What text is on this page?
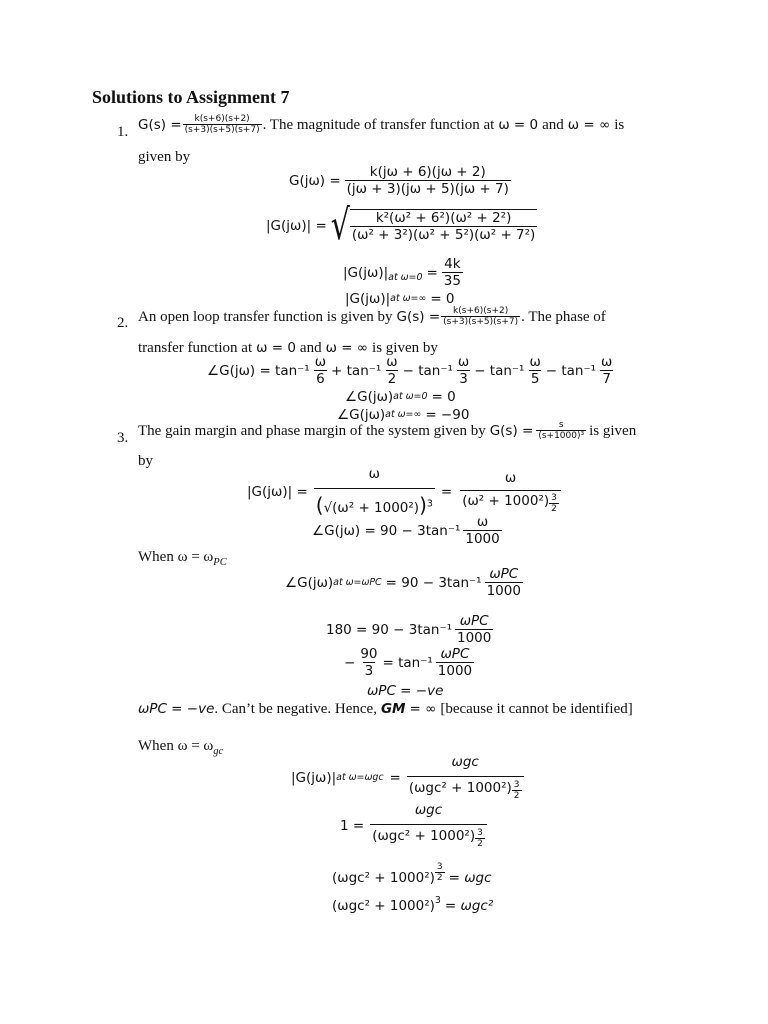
Solutions to Assignment 7
1. $G(s) = \frac{k(s+6)(s+2)}{(s+3)(s+5)(s+7)}$ . The magnitude of transfer function at ω = 0 and ω = ∞ is
given by
$G(j\omega) = \frac{k(j\omega + 6)(j\omega + 2)}{(j\omega + 3)(j\omega + 5)(j\omega + 7)}$
|G(jω)| = √ $\frac{\text{k²(ω² + 6²)(ω² + 2²)}}{\text{(ω² + 3²)(ω² + 5²)(ω² + 7²)}}$
|G(jω)| at $\omega=0 = \frac{4k}{35}$
|G(jω)| at ω=∞ = 0
2. An open loop transfer function is given by $G(s) = \frac{k(s+6)(s+2)}{(s+3)(s+5)(s+7)}$ . The phase of
transfer function at ω = 0 and ω = ∞ is given by
∠G(jω) = $\tan^{-1} \frac{\omega}{6} + \tan^{-1} \frac{\omega}{2} - \tan^{-1} \frac{\omega}{3} - \tan^{-1} \frac{\omega}{5} - \tan^{-1} \frac{\omega}{7}$
∠G(jω) at ω=0 = 0
∠G(jω) at ω=∞ = −90
3. The gain margin and phase margin of the system given by $G(s) = \frac{s}{\text{(s+1000)³}}$ is given
by
$|G(j\omega)| = \frac{\omega}{(√(\omega^2 + 1000^2))^3} = \frac{\omega}{(\omega^2 + 1000^2) \frac{3}{2}}$
∠G(jω) = $90 - 3\tan^{-1} \frac{\omega}{1000}$
When $\omega = \omega_{PC}$
∠G(jω) at $\omega=\omega PC = 90 - 3\tan^{-1} \frac{\text{ωPC}}{1000}$
$180 = 90 - 3\tan^{-1} \frac{\text{ωPC}}{1000}$
− $\frac{90}{3} = \tan^{-1} \frac{\text{ωPC}}{1000}$
ωPC = −ve
ωPC = −ve . Can’t be negative. Hence, GM = ∞ [because it cannot be identified]
When $\omega = \omega_{gc}$
|G(jω)| at $\omega=\omega gc = \frac{\text{ωgc}}{(\omega gc^2 + 1000^2) \frac{3}{2}}$
$1 = \frac{\text{ωgc}}{(\omega gc^2 + 1000^2) \frac{3}{2}}$
$(\omega gc^2 + 1000^2) \frac{3}{2} = \omega gc$
(ωgc² + 1000²) 3 = ωgc²
